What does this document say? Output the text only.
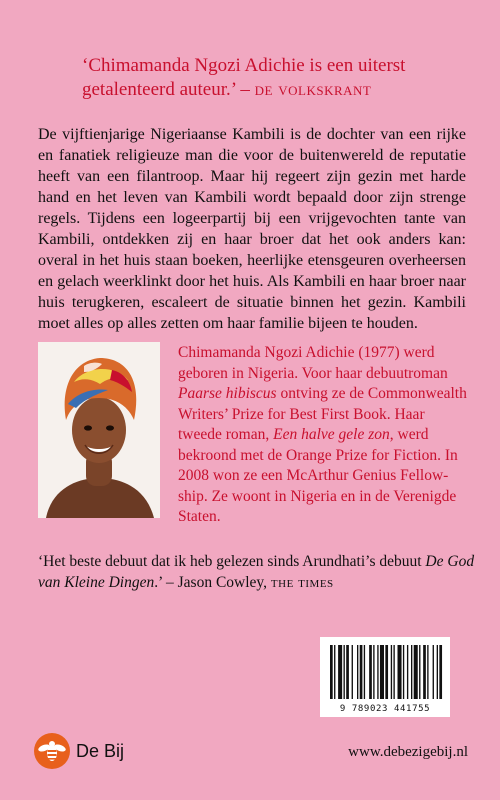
‘Chimamanda Ngozi Adichie is een uiterst getalenteerd auteur.’ – de volkskrant
De vijftienjarige Nigeriaanse Kambili is de dochter van een rijke en fanatiek religieuze man die voor de buitenwereld de reputatie heeft van een filantroop. Maar hij regeert zijn gezin met harde hand en het leven van Kambili wordt bepaald door zijn strenge regels. Tijdens een logeerpartij bij een vrijgevochten tante van Kambili, ontdekken zij en haar broer dat het ook anders kan: overal in het huis staan boeken, heerlijke etensgeuren overheersen en gelach weerklinkt door het huis. Als Kambili en haar broer naar huis terugkeren, escaleert de situatie binnen het gezin. Kambili moet alles op alles zetten om haar familie bijeen te houden.
Chimamanda Ngozi Adichie (1977) werd geboren in Nigeria. Voor haar debuutroman Paarse hibiscus ontving ze de Commonwealth Writers’ Prize for Best First Book. Haar tweede roman, Een halve gele zon, werd bekroond met de Orange Prize for Fiction. In 2008 won ze een McArthur Genius Fellow-ship. Ze woont in Nigeria en in de Verenigde Staten.
‘Het beste debuut dat ik heb gelezen sinds Arundhati’s debuut De God van Kleine Dingen.’ – Jason Cowley, the times
9 789023 441755
De Bij	www.debezigebij.nl
